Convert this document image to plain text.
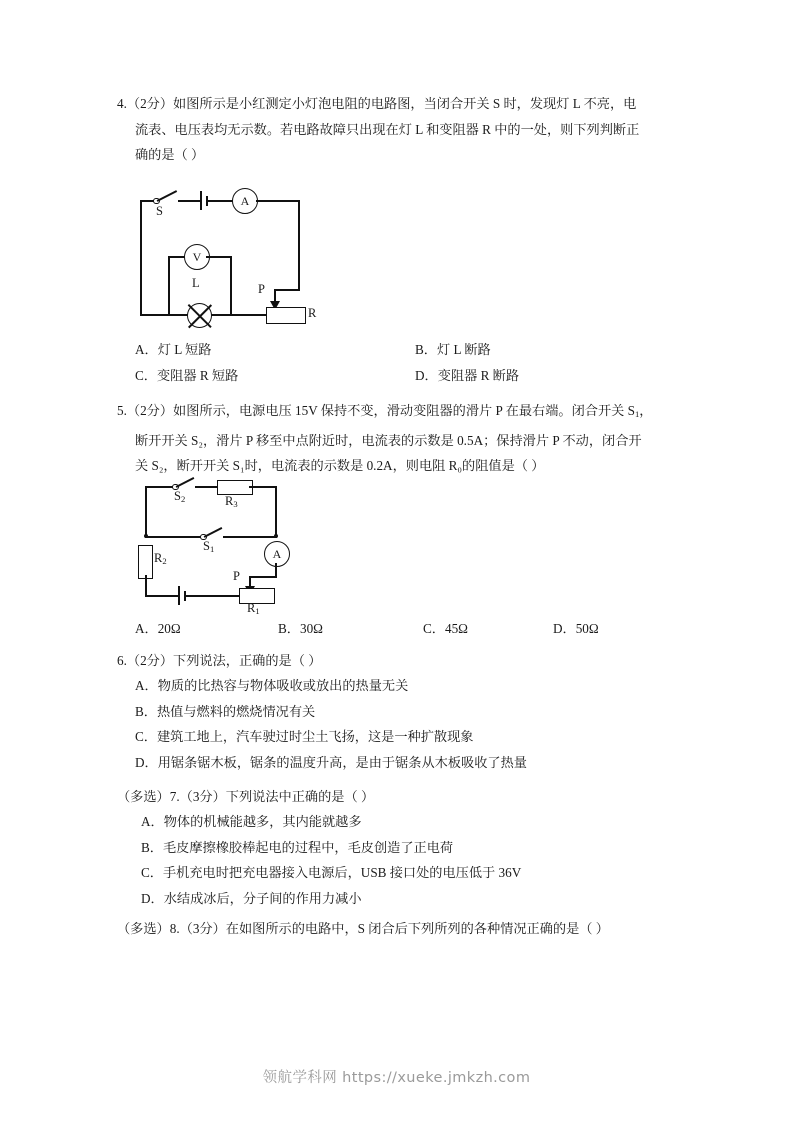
4.（2分）如图所示是小红测定小灯泡电阻的电路图，当闭合开关 S 时，发现灯 L 不亮，电
流表、电压表均无示数。若电路故障只出现在灯 L 和变阻器 R 中的一处，则下列判断正
确的是（ ）
S
A
P
R
V
L
A．灯 L 短路	B．灯 L 断路
C．变阻器 R 短路	D．变阻器 R 断路
5.（2分）如图所示，电源电压 15V 保持不变，滑动变阻器的滑片 P 在最右端。闭合开关 $S_1$，
断开开关 S₂，滑片 P 移至中点附近时，电流表的示数是 0.5A；保持滑片 P 不动，闭合开
关 S₂，断开开关 S₁时，电流表的示数是 0.2A，则电阻 R₀的阻值是（ ）
$S_2$	$R_3$
$S_1$	A
P
$R_2$
$R_1$
A．20Ω	B．30Ω	C．45Ω	D．50Ω
6.（2分）下列说法，正确的是（ ）
A．物质的比热容与物体吸收或放出的热量无关
B．热值与燃料的燃烧情况有关
C．建筑工地上，汽车驶过时尘土飞扬，这是一种扩散现象
D．用锯条锯木板，锯条的温度升高，是由于锯条从木板吸收了热量
（多选）7.（3分）下列说法中正确的是（ ）
A．物体的机械能越多，其内能就越多
B．毛皮摩擦橡胶棒起电的过程中，毛皮创造了正电荷
C．手机充电时把充电器接入电源后，USB 接口处的电压低于 36V
D．水结成冰后，分子间的作用力减小
（多选）8.（3分）在如图所示的电路中，S 闭合后下列所列的各种情况正确的是（ ）
领航学科网 https://xueke.jmkzh.com
